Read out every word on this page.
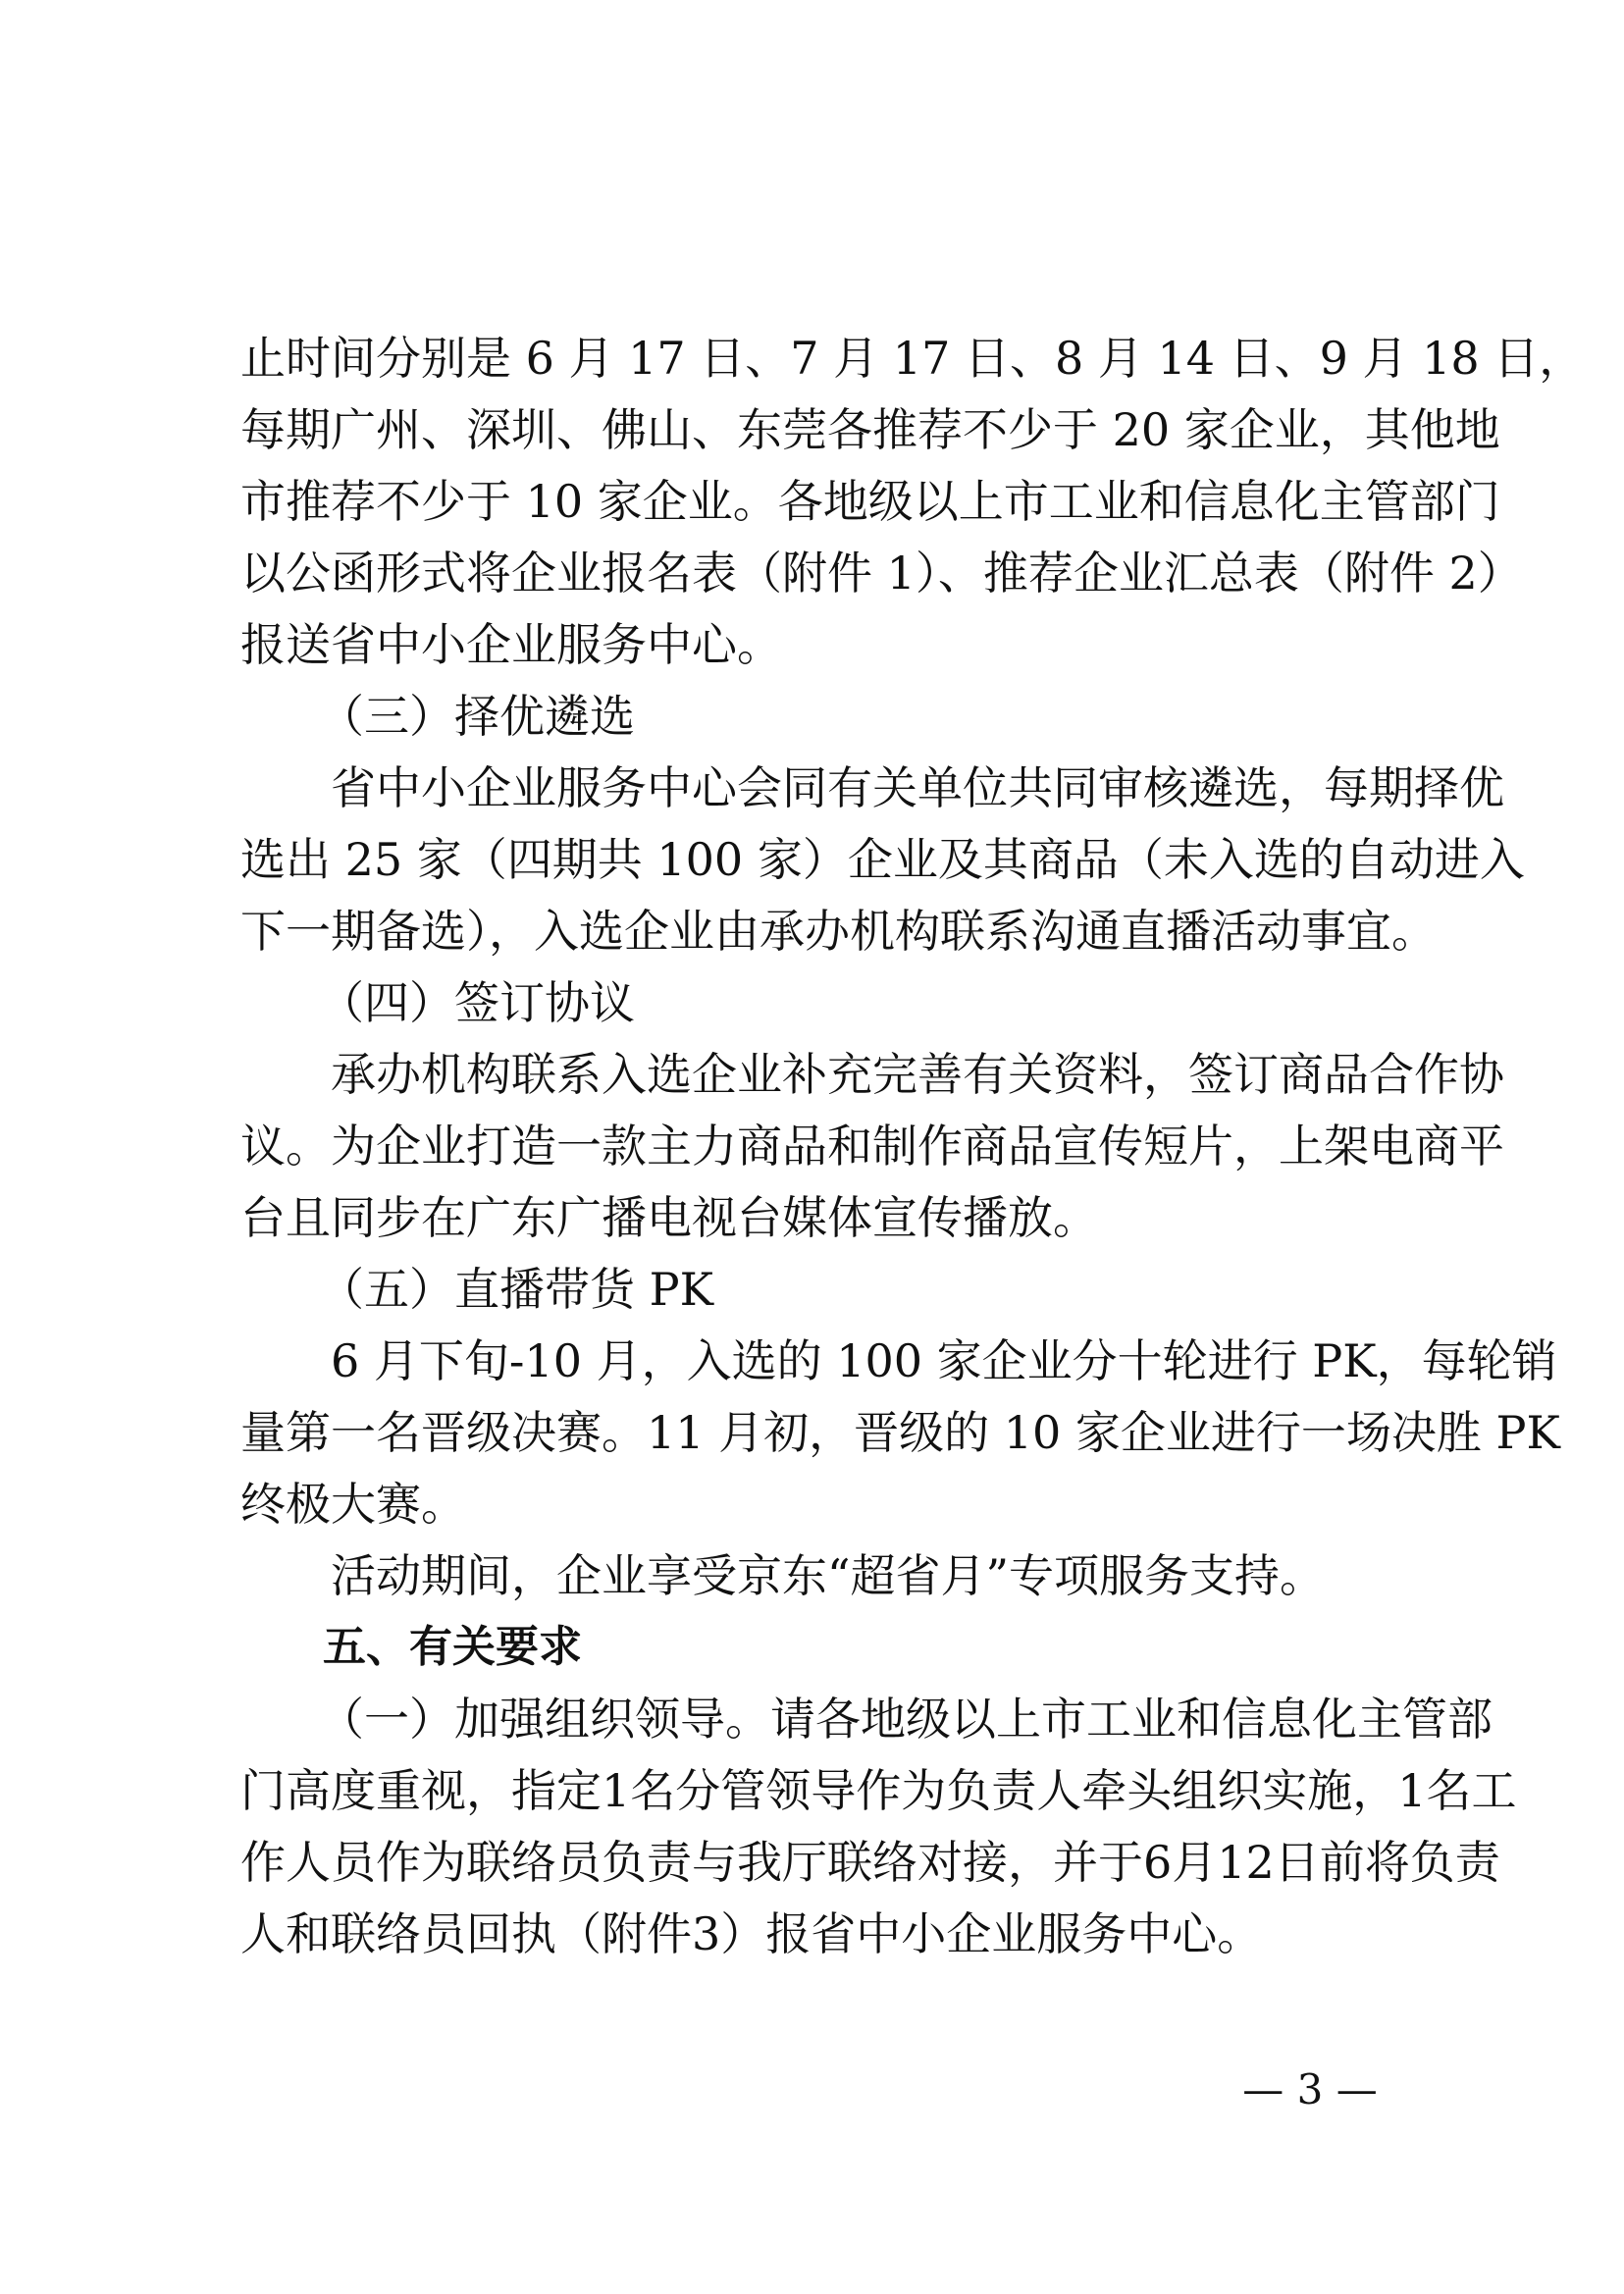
止时间分别是 6 月 17 日、7 月 17 日、8 月 14 日、9 月 18 日，
每期广州、深圳、佛山、东莞各推荐不少于 20 家企业，其他地
市推荐不少于 10 家企业。各地级以上市工业和信息化主管部门
以公函形式将企业报名表（附件 1）、推荐企业汇总表（附件 2）
报送省中小企业服务中心。
（三）择优遴选
省中小企业服务中心会同有关单位共同审核遴选，每期择优
选出 25 家（四期共 100 家）企业及其商品（未入选的自动进入
下一期备选），入选企业由承办机构联系沟通直播活动事宜。
（四）签订协议
承办机构联系入选企业补充完善有关资料，签订商品合作协
议。为企业打造一款主力商品和制作商品宣传短片，上架电商平
台且同步在广东广播电视台媒体宣传播放。
（五）直播带货 PK
6 月下旬-10 月，入选的 100 家企业分十轮进行 PK，每轮销
量第一名晋级决赛。11 月初，晋级的 10 家企业进行一场决胜 PK
终极大赛。
活动期间，企业享受京东“超省月”专项服务支持。
五、有关要求
（一）加强组织领导。请各地级以上市工业和信息化主管部
门高度重视，指定1名分管领导作为负责人牵头组织实施，1名工
作人员作为联络员负责与我厅联络对接，并于6月12日前将负责
人和联络员回执（附件3）报省中小企业服务中心。
— 3 —
